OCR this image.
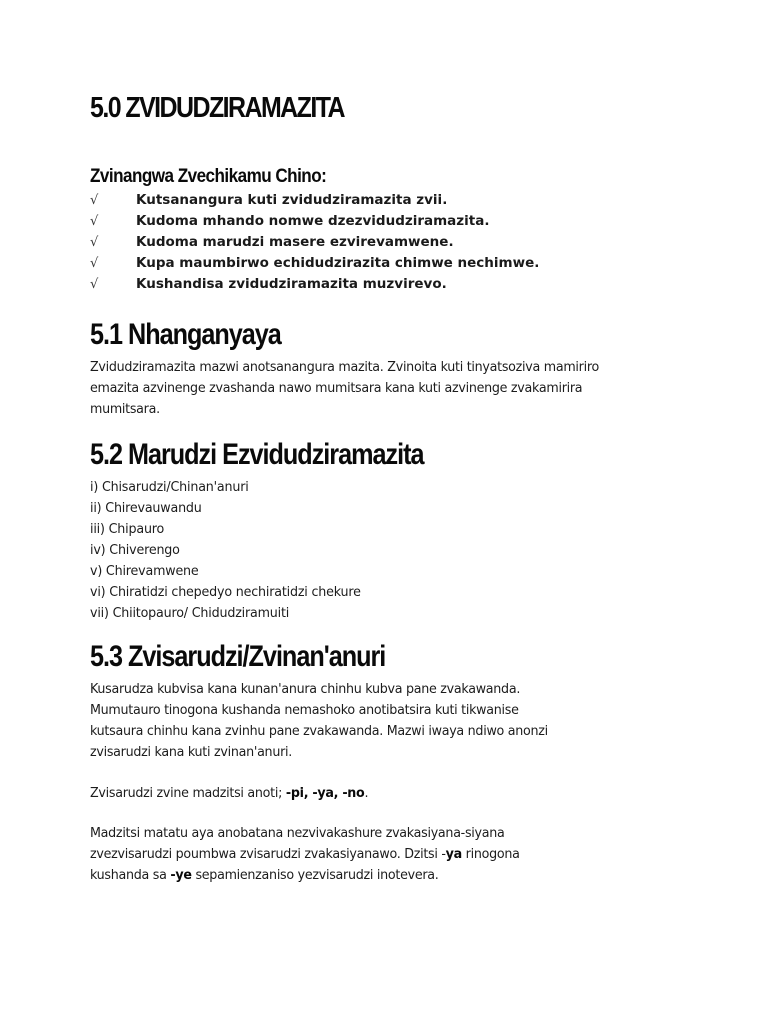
5.0 ZVIDUDZIRAMAZITA
Zvinangwa Zvechikamu Chino:
√	Kutsanangura kuti zvidudziramazita zvii.
√	Kudoma mhando nomwe dzezvidudziramazita.
√	Kudoma marudzi masere ezvirevamwene.
√	Kupa maumbirwo echidudzirazita chimwe nechimwe.
√	Kushandisa zvidudziramazita muzvirevo.
5.1 Nhanganyaya
Zvidudziramazita mazwi anotsanangura mazita. Zvinoita kuti tinyatsoziva mamiriro
emazita azvinenge zvashanda nawo mumitsara kana kuti azvinenge zvakamirira
mumitsara.
5.2 Marudzi Ezvidudziramazita
i) Chisarudzi/Chinan'anuri
ii) Chirevauwandu
iii) Chipauro
iv) Chiverengo
v) Chirevamwene
vi) Chiratidzi chepedyo nechiratidzi chekure
vii) Chiitopauro/ Chidudziramuiti
5.3 Zvisarudzi/Zvinan'anuri
Kusarudza kubvisa kana kunan'anura chinhu kubva pane zvakawanda.
Mumutauro tinogona kushanda nemashoko anotibatsira kuti tikwanise
kutsaura chinhu kana zvinhu pane zvakawanda. Mazwi iwaya ndiwo anonzi
zvisarudzi kana kuti zvinan'anuri.
Zvisarudzi zvine madzitsi anoti; -pi, -ya, -no.
Madzitsi matatu aya anobatana nezvivakashure zvakasiyana-siyana
zvezvisarudzi poumbwa zvisarudzi zvakasiyanawo. Dzitsi -ya rinogona
kushanda sa -ye sepamienzaniso yezvisarudzi inotevera.
